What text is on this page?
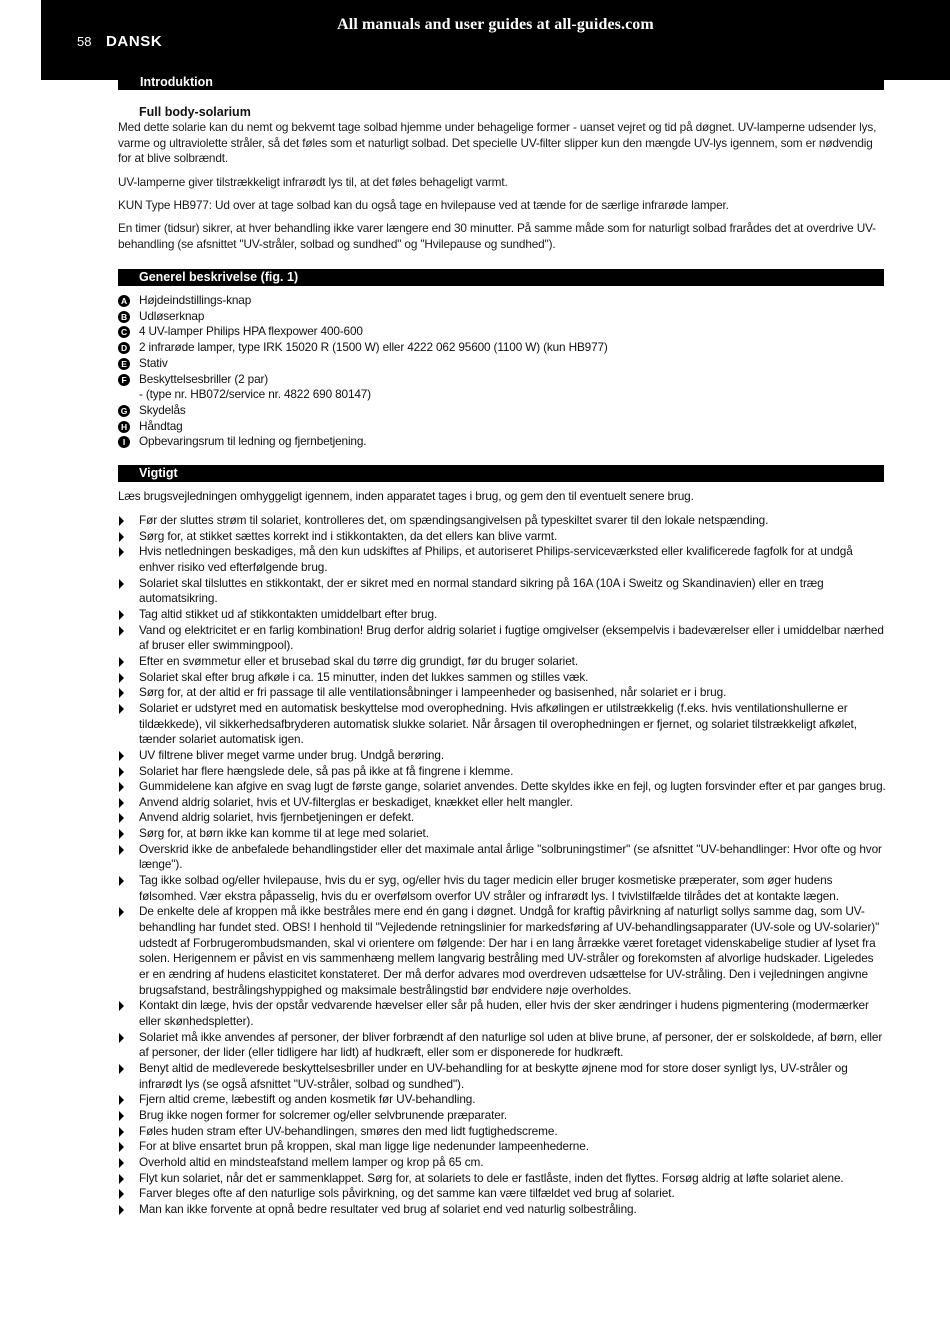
All manuals and user guides at all-guides.com
58 DANSK
Introduktion
Full body-solarium

Med dette solarie kan du nemt og bekvemt tage solbad hjemme under behagelige former - uanset vejret og tid på døgnet. UV-lamperne udsender lys, varme og ultraviolette stråler, så det føles som et naturligt solbad. Det specielle UV-filter slipper kun den mængde UV-lys igennem, som er nødvendig for at blive solbrændt.

UV-lamperne giver tilstrækkeligt infrarødt lys til, at det føles behageligt varmt.

KUN Type HB977: Ud over at tage solbad kan du også tage en hvilepause ved at tænde for de særlige infrarøde lamper.

En timer (tidsur) sikrer, at hver behandling ikke varer længere end 30 minutter. På samme måde som for naturligt solbad frarådes det at overdrive UV-behandling (se afsnittet "UV-stråler, solbad og sundhed" og "Hvilepause og sundhed").

Generel beskrivelse (fig. 1)
A Højdeindstillings-knap
B Udløserknap
C 4 UV-lamper Philips HPA flexpower 400-600
D 2 infrarøde lamper, type IRK 15020 R (1500 W) eller 4222 062 95600 (1100 W) (kun HB977)
E Stativ
F Beskyttelsesbriller (2 par)
- (type nr. HB072/service nr. 4822 690 80147)
G Skydelås
H Håndtag
I	Opbevaringsrum til ledning og fjernbetjening.
Vigtigt
Læs brugsvejledningen omhyggeligt igennem, inden apparatet tages i brug, og gem den til eventuelt senere brug.
Før der sluttes strøm til solariet, kontrolleres det, om spændingsangivelsen på typeskiltet svarer til den lokale netspænding.
Sørg for, at stikket sættes korrekt ind i stikkontakten, da det ellers kan blive varmt.
Hvis netledningen beskadiges, må den kun udskiftes af Philips, et autoriseret Philips-serviceværksted eller kvalificerede fagfolk for at undgå enhver risiko ved efterfølgende brug.
Solariet skal tilsluttes en stikkontakt, der er sikret med en normal standard sikring på 16A (10A i Sweitz og Skandinavien) eller en træg automatsikring.
Tag altid stikket ud af stikkontakten umiddelbart efter brug.
Vand og elektricitet er en farlig kombination! Brug derfor aldrig solariet i fugtige omgivelser (eksempelvis i badeværelser eller i umiddelbar nærhed af bruser eller swimmingpool).
Efter en svømmetur eller et brusebad skal du tørre dig grundigt, før du bruger solariet.
Solariet skal efter brug afkøle i ca. 15 minutter, inden det lukkes sammen og stilles væk.
Sørg for, at der altid er fri passage til alle ventilationsåbninger i lampeenheder og basisenhed, når solariet er i brug.
Solariet er udstyret med en automatisk beskyttelse mod overophedning. Hvis afkølingen er utilstrækkelig (f.eks. hvis ventilationshullerne er tildækkede), vil sikkerhedsafbryderen automatisk slukke solariet. Når årsagen til overophedningen er fjernet, og solariet tilstrækkeligt afkølet, tænder solariet automatisk igen.
UV filtrene bliver meget varme under brug. Undgå berøring.
Solariet har flere hængslede dele, så pas på ikke at få fingrene i klemme.
Gummidelene kan afgive en svag lugt de første gange, solariet anvendes. Dette skyldes ikke en fejl, og lugten forsvinder efter et par ganges brug.
Anvend aldrig solariet, hvis et UV-filterglas er beskadiget, knækket eller helt mangler.
Anvend aldrig solariet, hvis fjernbetjeningen er defekt.
Sørg for, at børn ikke kan komme til at lege med solariet.
Overskrid ikke de anbefalede behandlingstider eller det maximale antal årlige "solbruningstimer" (se afsnittet "UV-behandlinger: Hvor ofte og hvor længe").
Tag ikke solbad og/eller hvilepause, hvis du er syg, og/eller hvis du tager medicin eller bruger kosmetiske præperater, som øger hudens følsomhed. Vær ekstra påpasselig, hvis du er overfølsom overfor UV stråler og infrarødt lys. I tvivlstilfælde tilrådes det at kontakte lægen.
De enkelte dele af kroppen må ikke bestråles mere end én gang i døgnet. Undgå for kraftig påvirkning af naturligt sollys samme dag, som UV-behandling har fundet sted. OBS! I henhold til "Vejledende retningslinier for markedsføring af UV-behandlingsapparater (UV-sole og UV-solarier)" udstedt af Forbrugerombudsmanden, skal vi orientere om følgende: Der har i en lang årrække været foretaget videnskabelige studier af lyset fra solen. Herigennem er påvist en vis sammenhæng mellem langvarig bestråling med UV-stråler og forekomsten af alvorlige hudskader. Ligeledes er en ændring af hudens elasticitet konstateret. Der må derfor advares mod overdreven udsættelse for UV-stråling. Den i vejledningen angivne brugsafstand, bestrålingshyppighed og maksimale bestrålingstid bør endvidere nøje overholdes.
Kontakt din læge, hvis der opstår vedvarende hævelser eller sår på huden, eller hvis der sker ændringer i hudens pigmentering (modermærker eller skønhedspletter).
Solariet må ikke anvendes af personer, der bliver forbrændt af den naturlige sol uden at blive brune, af personer, der er solskoldede, af børn, eller af personer, der lider (eller tidligere har lidt) af hudkræft, eller som er disponerede for hudkræft.
Benyt altid de medleverede beskyttelsesbriller under en UV-behandling for at beskytte øjnene mod for store doser synligt lys, UV-stråler og infrarødt lys (se også afsnittet "UV-stråler, solbad og sundhed").
Fjern altid creme, læbestift og anden kosmetik før UV-behandling.
Brug ikke nogen former for solcremer og/eller selvbrunende præparater.
Føles huden stram efter UV-behandlingen, smøres den med lidt fugtighedscreme.
For at blive ensartet brun på kroppen, skal man ligge lige nedenunder lampeenhederne.
Overhold altid en mindsteafstand mellem lamper og krop på 65 cm.
Flyt kun solariet, når det er sammenklappet. Sørg for, at solariets to dele er fastlåste, inden det flyttes. Forsøg aldrig at løfte solariet alene.
Farver bleges ofte af den naturlige sols påvirkning, og det samme kan være tilfældet ved brug af solariet.
Man kan ikke forvente at opnå bedre resultater ved brug af solariet end ved naturlig solbestråling.
